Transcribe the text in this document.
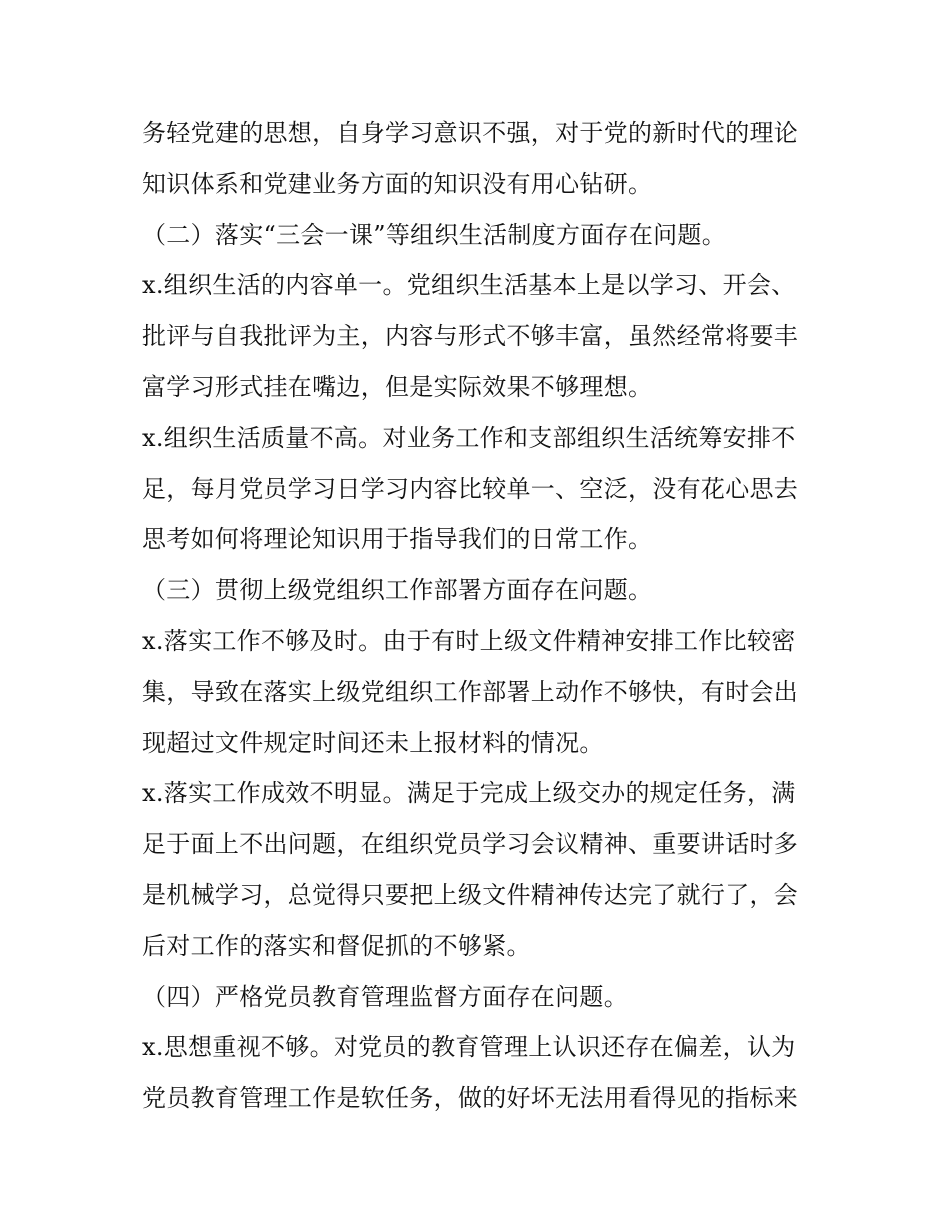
务轻党建的思想，自身学习意识不强，对于党的新时代的理论
知识体系和党建业务方面的知识没有用心钻研。
（二）落实“三会一课”等组织生活制度方面存在问题。
x.组织生活的内容单一。党组织生活基本上是以学习、开会、
批评与自我批评为主，内容与形式不够丰富，虽然经常将要丰
富学习形式挂在嘴边，但是实际效果不够理想。
x.组织生活质量不高。对业务工作和支部组织生活统筹安排不
足，每月党员学习日学习内容比较单一、空泛，没有花心思去
思考如何将理论知识用于指导我们的日常工作。
（三）贯彻上级党组织工作部署方面存在问题。
x.落实工作不够及时。由于有时上级文件精神安排工作比较密
集，导致在落实上级党组织工作部署上动作不够快，有时会出
现超过文件规定时间还未上报材料的情况。
x.落实工作成效不明显。满足于完成上级交办的规定任务，满
足于面上不出问题，在组织党员学习会议精神、重要讲话时多
是机械学习，总觉得只要把上级文件精神传达完了就行了，会
后对工作的落实和督促抓的不够紧。
（四）严格党员教育管理监督方面存在问题。
x.思想重视不够。对党员的教育管理上认识还存在偏差，认为
党员教育管理工作是软任务，做的好坏无法用看得见的指标来
